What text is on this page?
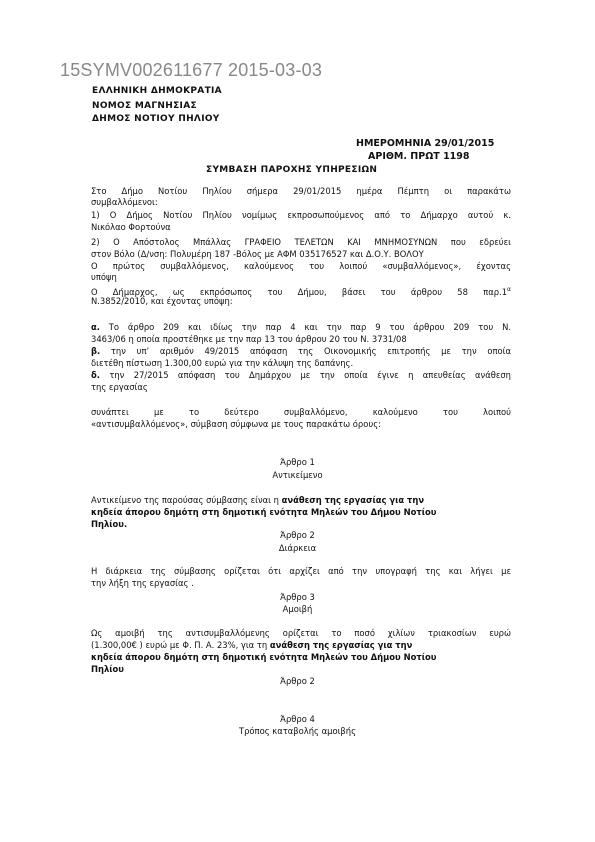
15SYMV002611677 2015-03-03
ΕΛΛΗΝΙΚΗ ΔΗΜΟΚΡΑΤΙΑ
ΝΟΜΟΣ ΜΑΓΝΗΣΙΑΣ
ΔΗΜΟΣ ΝΟΤΙΟΥ ΠΗΛΙΟΥ
ΗΜΕΡΟΜΗΝΙΑ 29/01/2015
ΑΡΙΘΜ. ΠΡΩΤ 1198
ΣΥΜΒΑΣΗ ΠΑΡΟΧΗΣ ΥΠΗΡΕΣΙΩΝ
Στο Δήμο Νοτίου Πηλίου σήμερα 29/01/2015 ημέρα Πέμπτη οι παρακάτω
συμβαλλόμενοι:
1) Ο Δήμος Νοτίου Πηλίου νομίμως εκπροσωπούμενος από το Δήμαρχο αυτού κ.
Νικόλαο Φορτούνα
2) Ο Απόστολος Μπάλλας ΓΡΑΦΕΙΟ ΤΕΛΕΤΩΝ ΚΑΙ ΜΝΗΜΟΣΥΝΩΝ που εδρεύει
στον Βόλο (Δ/νση: Πολυμέρη 187 -Βόλος με ΑΦΜ 035176527 και Δ.Ο.Υ. ΒΟΛΟΥ
Ο πρώτος συμβαλλόμενος, καλούμενος του λοιπού «συμβαλλόμενος», έχοντας
υπόψη
Ο Δήμαρχος, ως εκπρόσωπος του Δήμου, βάσει του άρθρου 58 $\pi\alpha\rho.1^\alpha$
Ν.3852/2010, και έχοντας υπόψη:
α. Το άρθρο 209 και ιδίως την παρ 4 και την παρ 9 του άρθρου 209 του Ν.
3463/06 η οποία προστέθηκε με την παρ 13 του άρθρου 20 του Ν. 3731/08
β. την υπ’ αριθμόν 49/2015 απόφαση της Οικονομικής επιτροπής με την οποία
διετέθη πίστωση 1.300,00 ευρώ για την κάλυψη της δαπάνης.
δ. την 27/2015 απόφαση του Δημάρχου με την οποία έγινε η απευθείας ανάθεση
της εργασίας
συνάπτει με το δεύτερο συμβαλλόμενο, καλούμενο του λοιπού
«αντισυμβαλλόμενος», σύμβαση σύμφωνα με τους παρακάτω όρους:
Άρθρο 1
Αντικείμενο
Αντικείμενο της παρούσας σύμβασης είναι η ανάθεση της εργασίας για την
κηδεία άπορου δημότη στη δημοτική ενότητα Μηλεών του Δήμου Νοτίου
Πηλίου.
Άρθρο 2
Διάρκεια
Η διάρκεια της σύμβασης ορίζεται ότι αρχίζει από την υπογραφή της και λήγει με
την λήξη της εργασίας .
Άρθρο 3
Αμοιβή
Ως αμοιβή της αντισυμβαλλόμενης ορίζεται το ποσό χιλίων τριακοσίων ευρώ
(1.300,00€ ) ευρώ με Φ. Π. Α. 23%, για τη ανάθεση της εργασίας για την
κηδεία άπορου δημότη στη δημοτική ενότητα Μηλεών του Δήμου Νοτίου
Πηλίου
Άρθρο 2
Άρθρο 4
Τρόπος καταβολής αμοιβής
